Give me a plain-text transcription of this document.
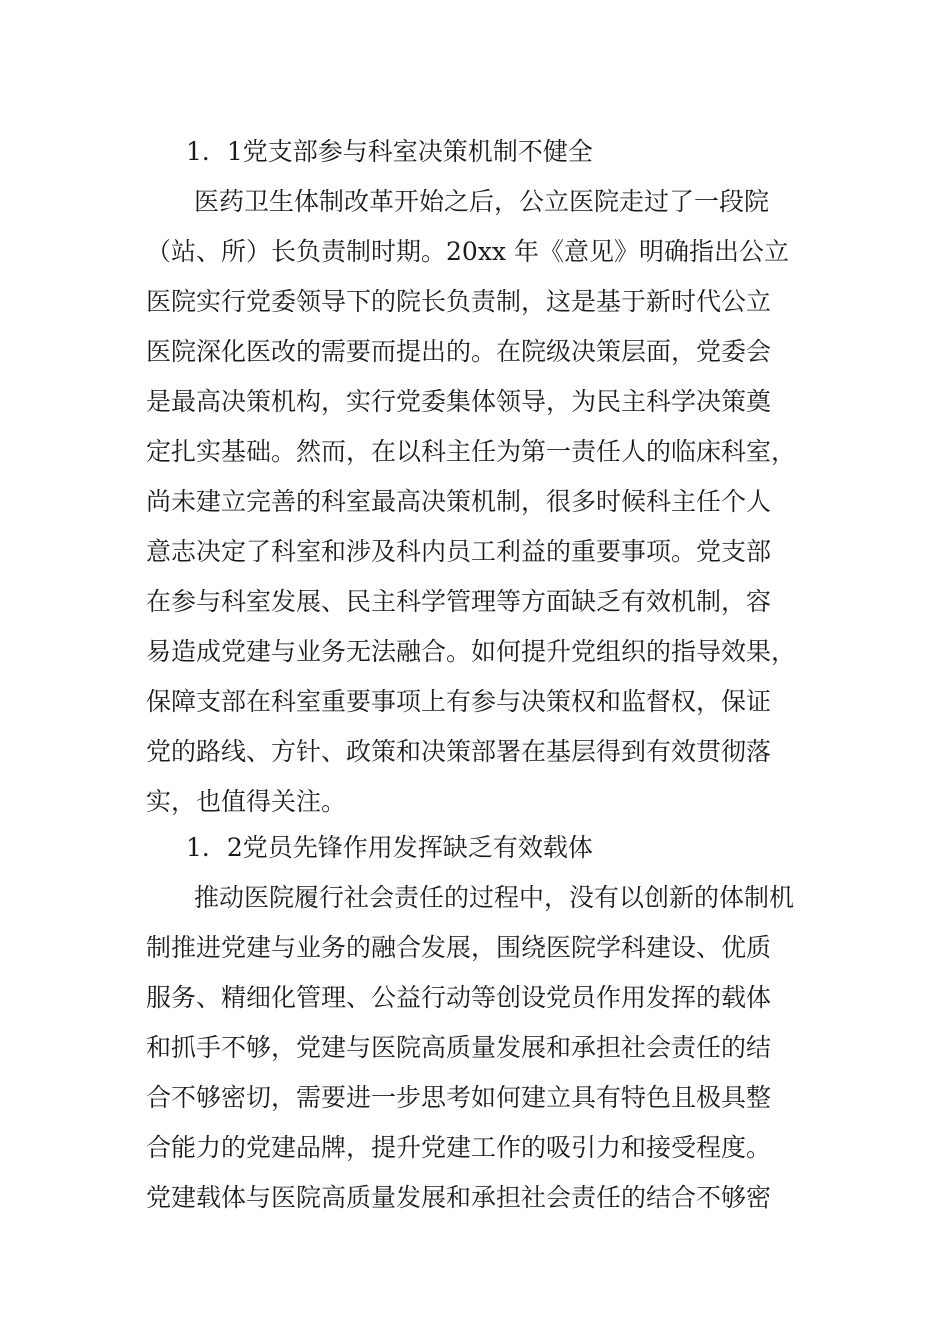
1．1党支部参与科室决策机制不健全
医药卫生体制改革开始之后，公立医院走过了一段院
（站、所）长负责制时期。20xx 年《意见》明确指出公立
医院实行党委领导下的院长负责制，这是基于新时代公立
医院深化医改的需要而提出的。在院级决策层面，党委会
是最高决策机构，实行党委集体领导，为民主科学决策奠
定扎实基础。然而，在以科主任为第一责任人的临床科室，
尚未建立完善的科室最高决策机制，很多时候科主任个人
意志决定了科室和涉及科内员工利益的重要事项。党支部
在参与科室发展、民主科学管理等方面缺乏有效机制，容
易造成党建与业务无法融合。如何提升党组织的指导效果，
保障支部在科室重要事项上有参与决策权和监督权，保证
党的路线、方针、政策和决策部署在基层得到有效贯彻落
实，也值得关注。
1．2党员先锋作用发挥缺乏有效载体
推动医院履行社会责任的过程中，没有以创新的体制机
制推进党建与业务的融合发展，围绕医院学科建设、优质
服务、精细化管理、公益行动等创设党员作用发挥的载体
和抓手不够，党建与医院高质量发展和承担社会责任的结
合不够密切，需要进一步思考如何建立具有特色且极具整
合能力的党建品牌，提升党建工作的吸引力和接受程度。
党建载体与医院高质量发展和承担社会责任的结合不够密
